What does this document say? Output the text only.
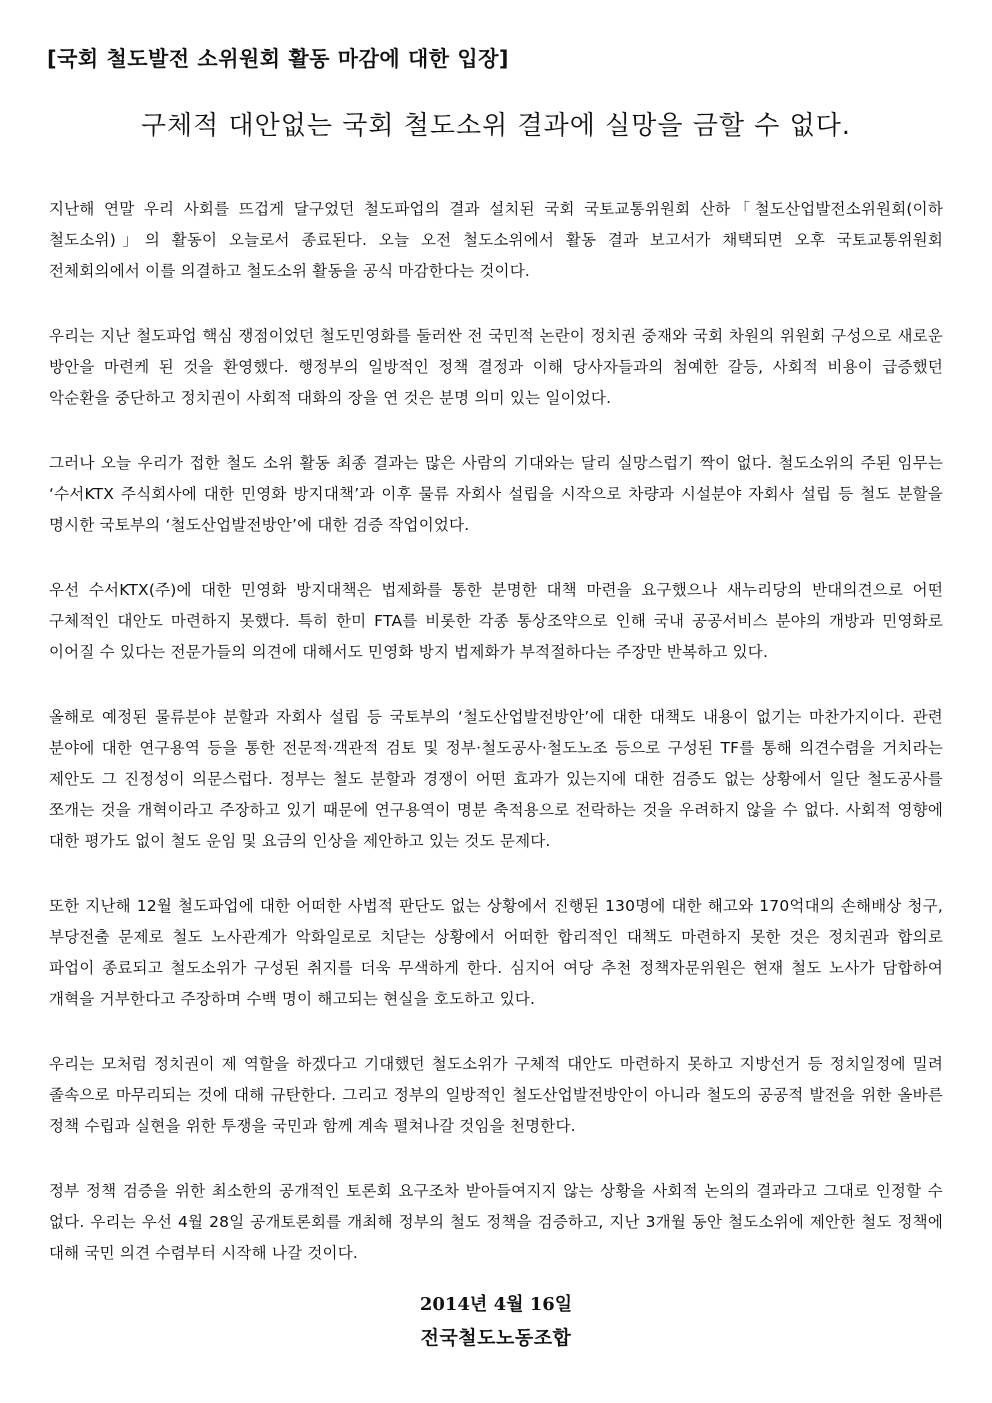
[국회 철도발전 소위원회 활동 마감에 대한 입장]
구체적 대안없는 국회 철도소위 결과에 실망을 금할 수 없다.

지난해 연말 우리 사회를 뜨겁게 달구었던 철도파업의 결과 설치된 국회 국토교통위원회 산하「철도산업발전소위원회(이하 철도소위)」의 활동이 오늘로서 종료된다. 오늘 오전 철도소위에서 활동 결과 보고서가 채택되면 오후 국토교통위원회 전체회의에서 이를 의결하고 철도소위 활동을 공식 마감한다는 것이다.

우리는 지난 철도파업 핵심 쟁점이었던 철도민영화를 둘러싼 전 국민적 논란이 정치권 중재와 국회 차원의 위원회 구성으로 새로운 방안을 마련케 된 것을 환영했다. 행정부의 일방적인 정책 결정과 이해 당사자들과의 첨예한 갈등, 사회적 비용이 급증했던 악순환을 중단하고 정치권이 사회적 대화의 장을 연 것은 분명 의미 있는 일이었다.

그러나 오늘 우리가 접한 철도 소위 활동 최종 결과는 많은 사람의 기대와는 달리 실망스럽기 짝이 없다. 철도소위의 주된 임무는 ‘수서KTX 주식회사에 대한 민영화 방지대책’과 이후 물류 자회사 설립을 시작으로 차량과 시설분야 자회사 설립 등 철도 분할을 명시한 국토부의 ‘철도산업발전방안’에 대한 검증 작업이었다.

우선 수서KTX(주)에 대한 민영화 방지대책은 법제화를 통한 분명한 대책 마련을 요구했으나 새누리당의 반대의견으로 어떤 구체적인 대안도 마련하지 못했다. 특히 한미 FTA를 비롯한 각종 통상조약으로 인해 국내 공공서비스 분야의 개방과 민영화로 이어질 수 있다는 전문가들의 의견에 대해서도 민영화 방지 법제화가 부적절하다는 주장만 반복하고 있다.

올해로 예정된 물류분야 분할과 자회사 설립 등 국토부의 ‘철도산업발전방안’에 대한 대책도 내용이 없기는 마찬가지이다. 관련 분야에 대한 연구용역 등을 통한 전문적·객관적 검토 및 정부·철도공사·철도노조 등으로 구성된 TF를 통해 의견수렴을 거치라는 제안도 그 진정성이 의문스럽다. 정부는 철도 분할과 경쟁이 어떤 효과가 있는지에 대한 검증도 없는 상황에서 일단 철도공사를 쪼개는 것을 개혁이라고 주장하고 있기 때문에 연구용역이 명분 축적용으로 전락하는 것을 우려하지 않을 수 없다. 사회적 영향에 대한 평가도 없이 철도 운임 및 요금의 인상을 제안하고 있는 것도 문제다.

또한 지난해 12월 철도파업에 대한 어떠한 사법적 판단도 없는 상황에서 진행된 130명에 대한 해고와 170억대의 손해배상 청구, 부당전출 문제로 철도 노사관계가 악화일로로 치닫는 상황에서 어떠한 합리적인 대책도 마련하지 못한 것은 정치권과 합의로 파업이 종료되고 철도소위가 구성된 취지를 더욱 무색하게 한다. 심지어 여당 추천 정책자문위원은 현재 철도 노사가 담합하여 개혁을 거부한다고 주장하며 수백 명이 해고되는 현실을 호도하고 있다.

우리는 모처럼 정치권이 제 역할을 하겠다고 기대했던 철도소위가 구체적 대안도 마련하지 못하고 지방선거 등 정치일정에 밀려 졸속으로 마무리되는 것에 대해 규탄한다. 그리고 정부의 일방적인 철도산업발전방안이 아니라 철도의 공공적 발전을 위한 올바른 정책 수립과 실현을 위한 투쟁을 국민과 함께 계속 펼쳐나갈 것임을 천명한다.

정부 정책 검증을 위한 최소한의 공개적인 토론회 요구조차 받아들여지지 않는 상황을 사회적 논의의 결과라고 그대로 인정할 수 없다. 우리는 우선 4월 28일 공개토론회를 개최해 정부의 철도 정책을 검증하고, 지난 3개월 동안 철도소위에 제안한 철도 정책에 대해 국민 의견 수렴부터 시작해 나갈 것이다.

2014년 4월 16일
전국철도노동조합
